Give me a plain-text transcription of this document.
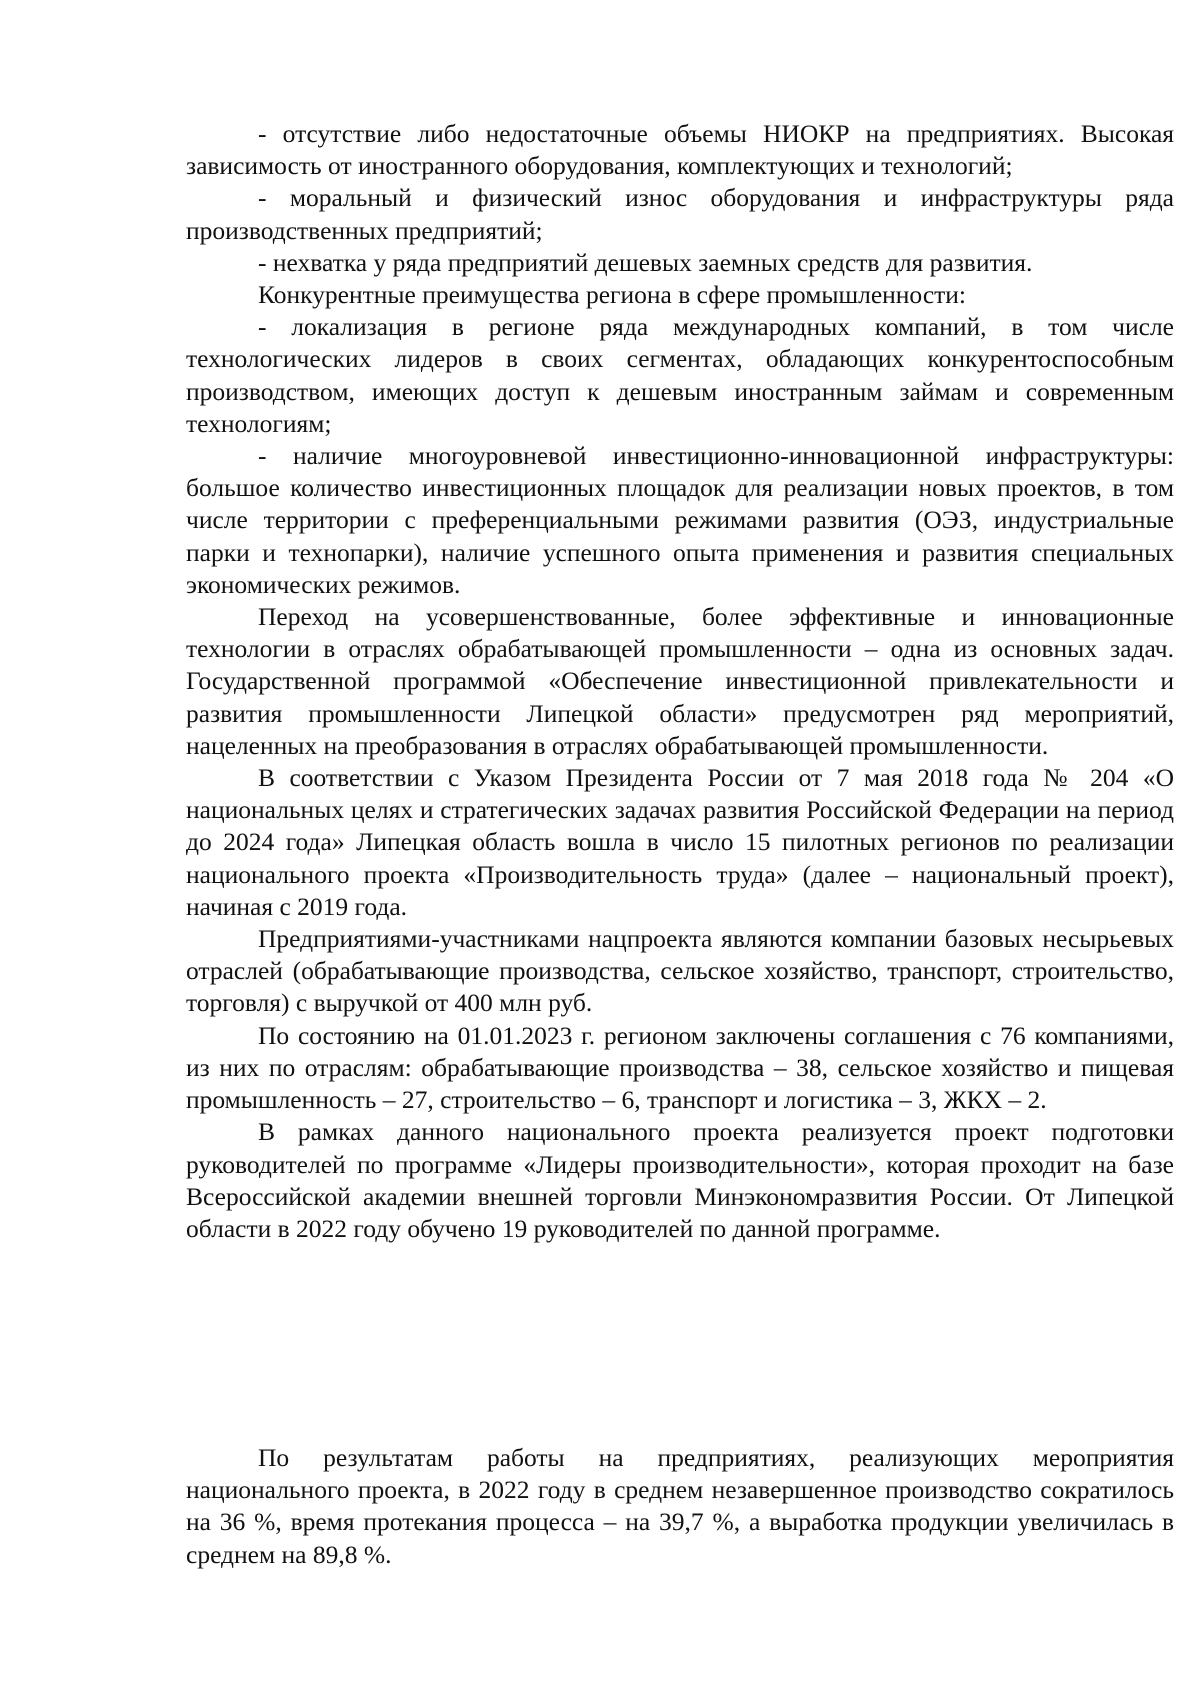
- отсутствие либо недостаточные объемы НИОКР на предприятиях. Высокая зависимость от иностранного оборудования, комплектующих и технологий;

- моральный и физический износ оборудования и инфраструктуры ряда производственных предприятий;

- нехватка у ряда предприятий дешевых заемных средств для развития.

Конкурентные преимущества региона в сфере промышленности:

- локализация в регионе ряда международных компаний, в том числе технологических лидеров в своих сегментах, обладающих конкурентоспособным производством, имеющих доступ к дешевым иностранным займам и современным технологиям;

- наличие многоуровневой инвестиционно-инновационной инфраструктуры: большое количество инвестиционных площадок для реализации новых проектов, в том числе территории с преференциальными режимами развития (ОЭЗ, индустриальные парки и технопарки), наличие успешного опыта применения и развития специальных экономических режимов.

Переход на усовершенствованные, более эффективные и инновационные технологии в отраслях обрабатывающей промышленности – одна из основных задач. Государственной программой «Обеспечение инвестиционной привлекательности и развития промышленности Липецкой области» предусмотрен ряд мероприятий, нацеленных на преобразования в отраслях обрабатывающей промышленности.

В соответствии с Указом Президента России от 7 мая 2018 года № 204 «О национальных целях и стратегических задачах развития Российской Федерации на период до 2024 года» Липецкая область вошла в число 15 пилотных регионов по реализации национального проекта «Производительность труда» (далее – национальный проект), начиная с 2019 года.

Предприятиями-участниками нацпроекта являются компании базовых несырьевых отраслей (обрабатывающие производства, сельское хозяйство, транспорт, строительство, торговля) с выручкой от 400 млн руб.

По состоянию на 01.01.2023 г. регионом заключены соглашения с 76 компаниями, из них по отраслям: обрабатывающие производства – 38, сельское хозяйство и пищевая промышленность – 27, строительство – 6, транспорт и логистика – 3, ЖКХ – 2.

В рамках данного национального проекта реализуется проект подготовки руководителей по программе «Лидеры производительности», которая проходит на базе Всероссийской академии внешней торговли Минэкономразвития России. От Липецкой области в 2022 году обучено 19 руководителей по данной программе.

По результатам работы на предприятиях, реализующих мероприятия национального проекта, в 2022 году в среднем незавершенное производство сократилось на 36 %, время протекания процесса – на 39,7 %, а выработка продукции увеличилась в среднем на 89,8 %.
